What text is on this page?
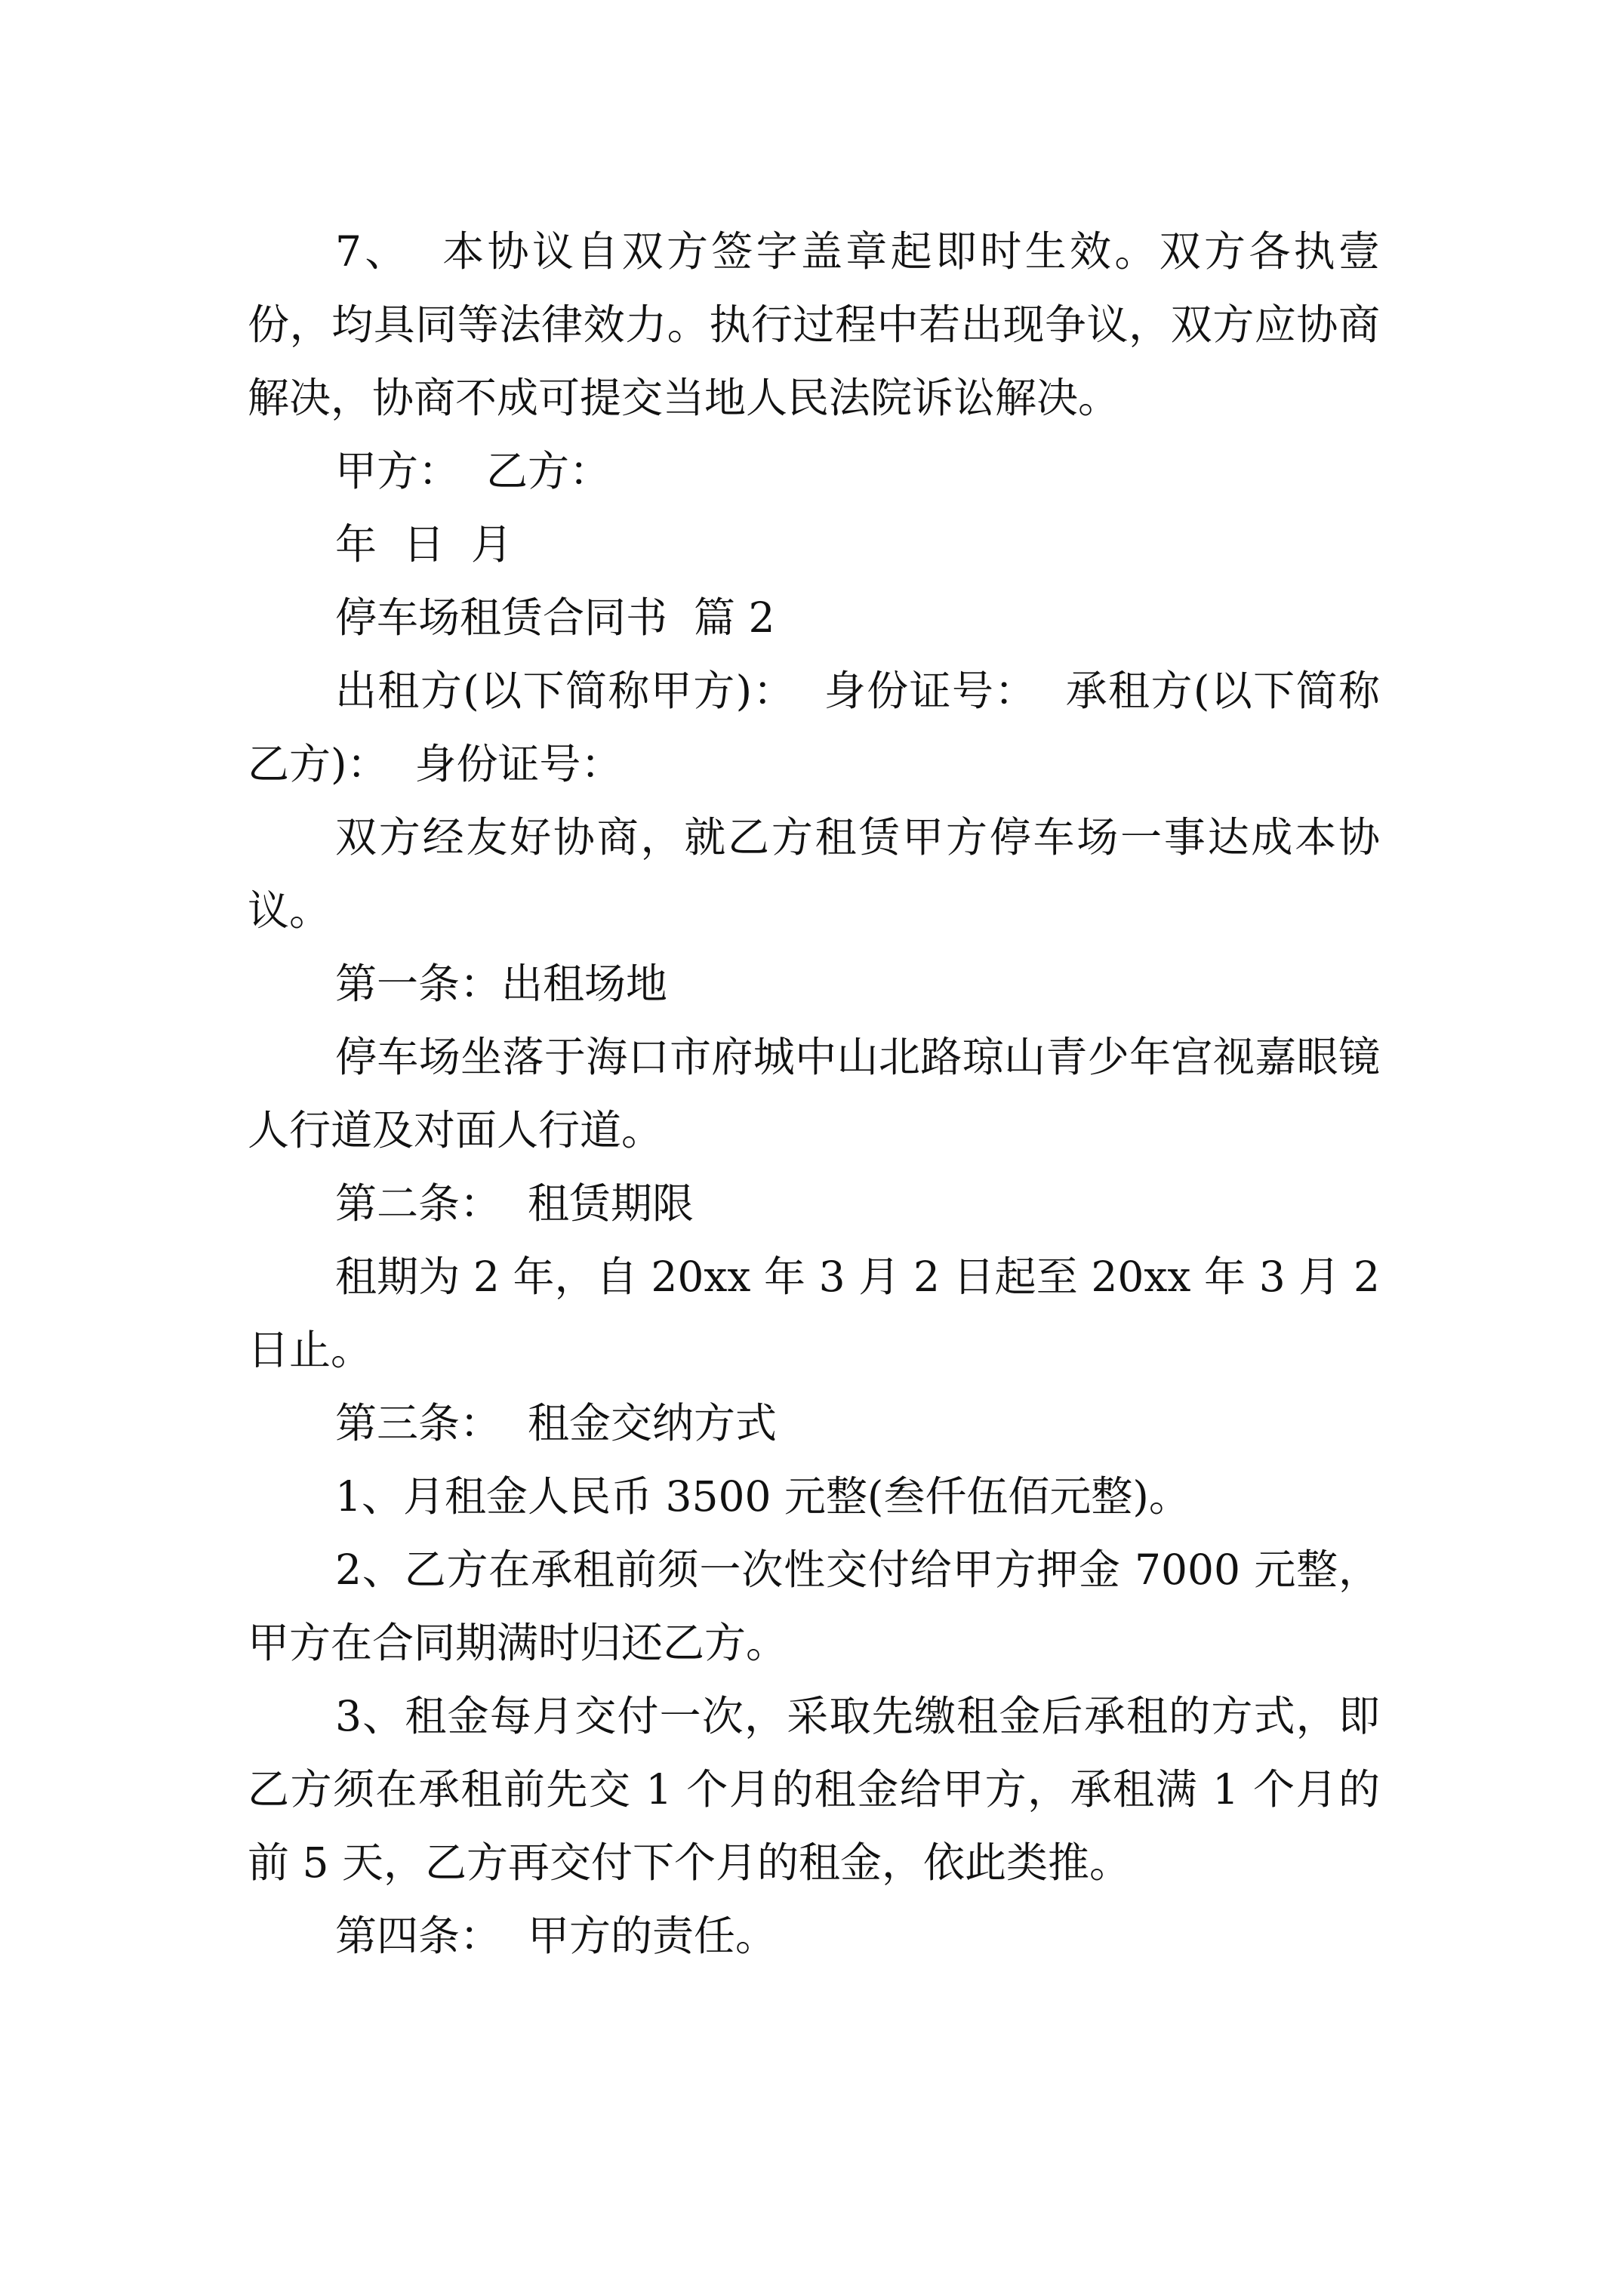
7、  本协议自双方签字盖章起即时生效。双方各执壹份，均具同等法律效力。执行过程中若出现争议，双方应协商解决，协商不成可提交当地人民法院诉讼解决。

甲方：  乙方：

年  日  月

停车场租赁合同书  篇 2

出租方(以下简称甲方)：  身份证号：  承租方(以下简称乙方)：  身份证号：

双方经友好协商，就乙方租赁甲方停车场一事达成本协议。

第一条：出租场地

停车场坐落于海口市府城中山北路琼山青少年宫视嘉眼镜人行道及对面人行道。

第二条：  租赁期限

租期为 2 年，自 20xx 年 3 月 2 日起至 20xx 年 3 月 2 日止。

第三条：  租金交纳方式

1、月租金人民币 3500 元整(叁仟伍佰元整)。

2、乙方在承租前须一次性交付给甲方押金 7000 元整，甲方在合同期满时归还乙方。

3、租金每月交付一次，采取先缴租金后承租的方式，即乙方须在承租前先交 1 个月的租金给甲方，承租满 1 个月的前 5 天，乙方再交付下个月的租金，依此类推。

第四条：  甲方的责任。
